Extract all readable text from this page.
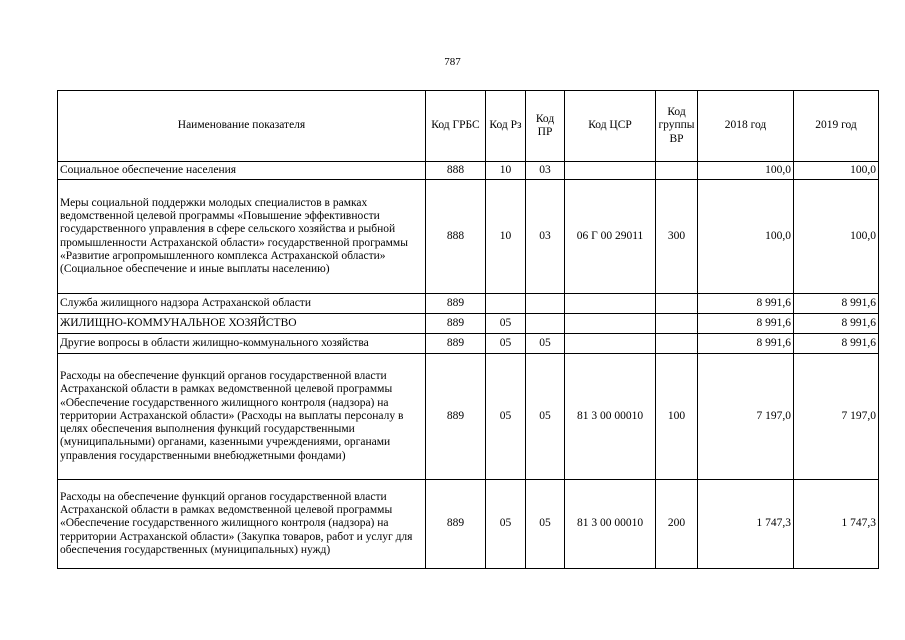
787
Наименование показателя	Код ГРБС	Код Рз	Код ПР	Код ЦСР	Код группы ВР	2018 год	2019 год
Социальное обеспечение населения	888	10	03			100,0	100,0
Меры социальной поддержки молодых специалистов в рамках ведомственной целевой программы «Повышение эффективности государственного управления в сфере сельского хозяйства и рыбной промышленности Астраханской области» государственной программы «Развитие агропромышленного комплекса Астраханской области» (Социальное обеспечение и иные выплаты населению)	888	10	03	06 Г 00 29011	300	100,0	100,0
Служба жилищного надзора Астраханской области	889					8 991,6	8 991,6
ЖИЛИЩНО-КОММУНАЛЬНОЕ ХОЗЯЙСТВО	889	05				8 991,6	8 991,6
Другие вопросы в области жилищно-коммунального хозяйства	889	05	05			8 991,6	8 991,6
Расходы на обеспечение функций органов государственной власти Астраханской области в рамках ведомственной целевой программы «Обеспечение государственного жилищного контроля (надзора) на территории Астраханской области» (Расходы на выплаты персоналу в целях обеспечения выполнения функций государственными (муниципальными) органами, казенными учреждениями, органами управления государственными внебюджетными фондами)	889	05	05	81 3 00 00010	100	7 197,0	7 197,0
Расходы на обеспечение функций органов государственной власти Астраханской области в рамках ведомственной целевой программы «Обеспечение государственного жилищного контроля (надзора) на территории Астраханской области» (Закупка товаров, работ и услуг для обеспечения государственных (муниципальных) нужд)	889	05	05	81 3 00 00010	200	1 747,3	1 747,3
